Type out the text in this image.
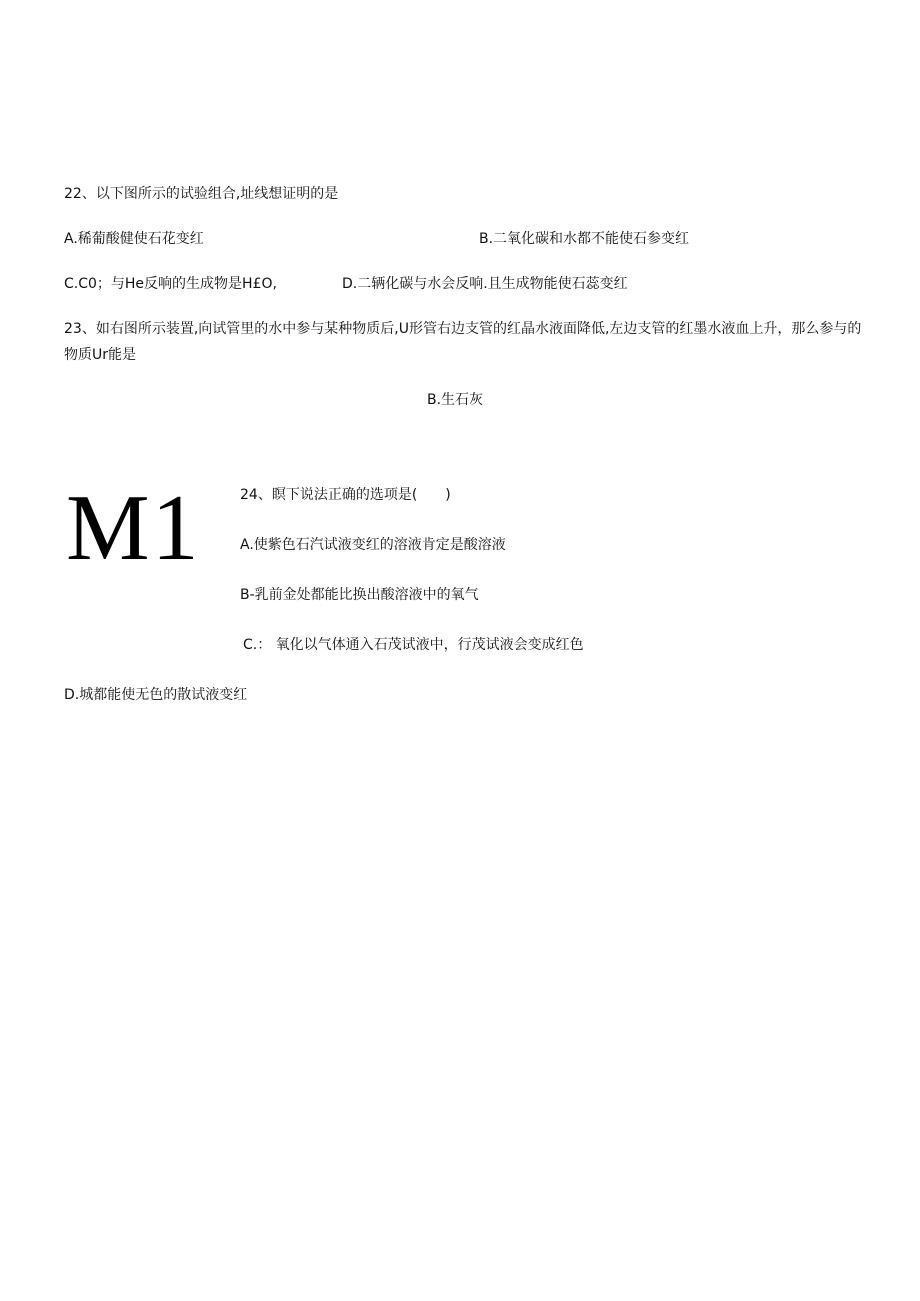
22、以下图所示的试验组合,址线想证明的是
A.稀葡酸健使石花变红	B.二氧化碳和水都不能使石参变红
C.C0；与He反响的生成物是H£O,	D.二辆化碳与水会反响.且生成物能使石蕊变红
23、如右图所示装置,向试管里的水中参与某种物质后,U形管右边支管的红晶水液面降低,左边支管的红墨水液血上升，那么参与的物质Ur能是
B.生石灰
M1	24、瞑下说法正确的选项是(　　)
A.使紫色石汽试液变红的溶液肯定是酸溶液
B-乳前金处都能比换出酸溶液中的氧气
C.： 氧化以气体通入石茂试液中，行茂试液会变成红色
D.城都能使无色的散试液变红
